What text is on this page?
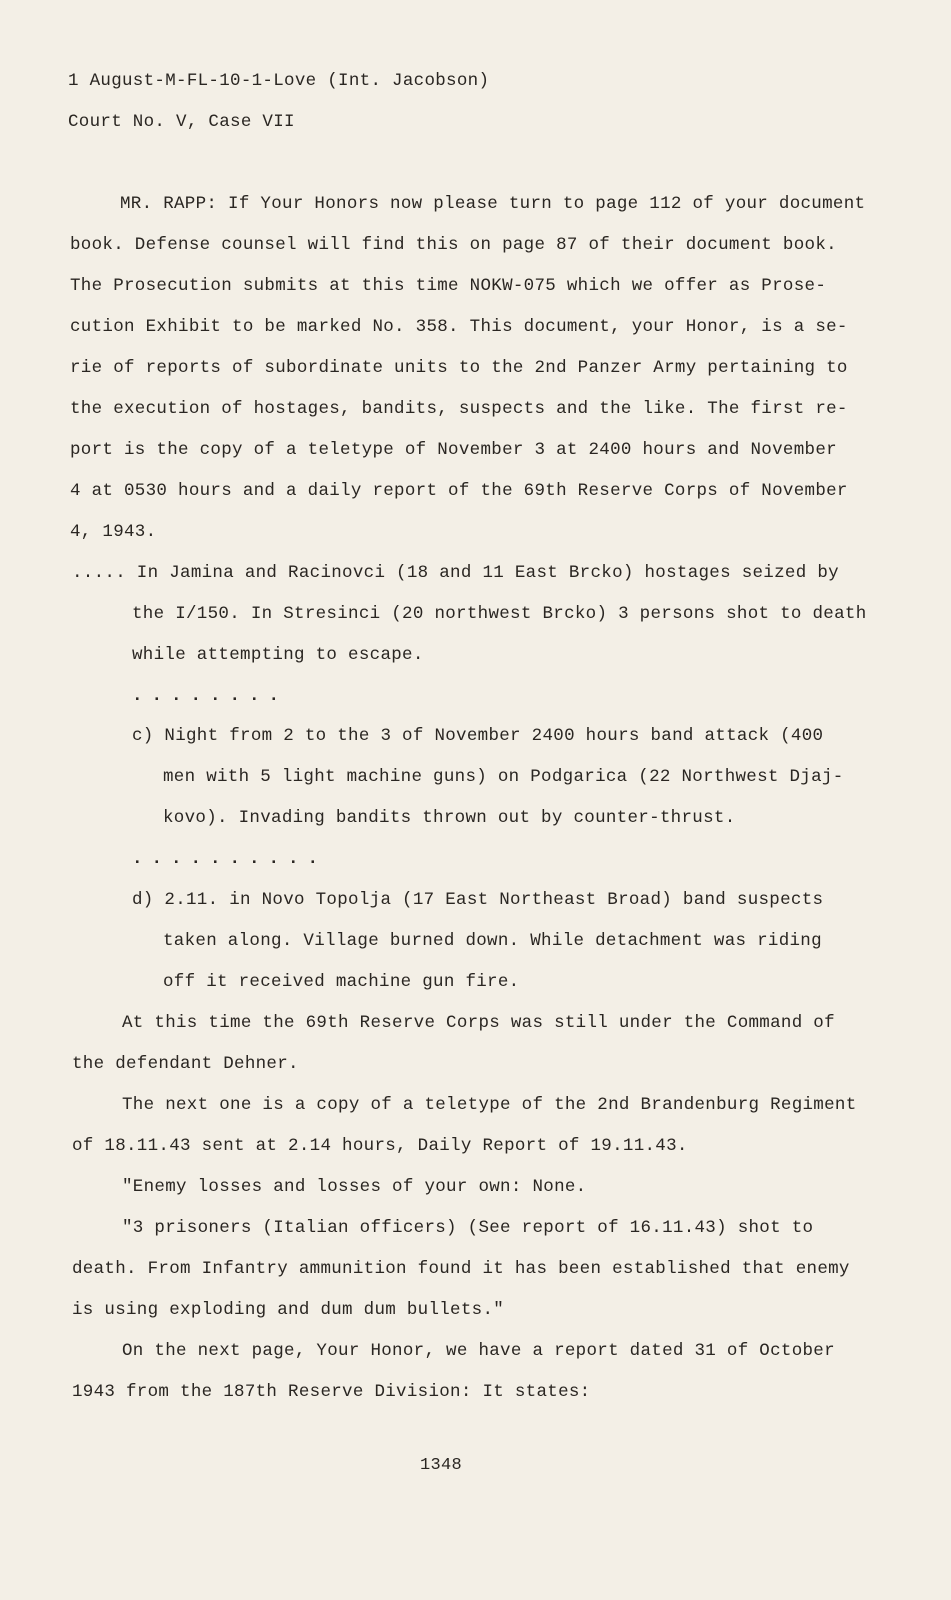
1 August-M-FL-10-1-Love (Int. Jacobson)
Court No. V, Case VII
MR. RAPP: If Your Honors now please turn to page 112 of your document
book. Defense counsel will find this on page 87 of their document book.
The Prosecution submits at this time NOKW-075 which we offer as Prose-
cution Exhibit to be marked No. 358. This document, your Honor, is a se-
rie of reports of subordinate units to the 2nd Panzer Army pertaining to
the execution of hostages, bandits, suspects and the like. The first re-
port is the copy of a teletype of November 3 at 2400 hours and November
4 at 0530 hours and a daily report of the 69th Reserve Corps of November
4, 1943.
..... In Jamina and Racinovci (18 and 11 East Brcko) hostages seized by
the I/150. In Stresinci (20 northwest Brcko) 3 persons shot to death
while attempting to escape.
........
c) Night from 2 to the 3 of November 2400 hours band attack (400
men with 5 light machine guns) on Podgarica (22 Northwest Djaj-
kovo). Invading bandits thrown out by counter-thrust.
..........
d) 2.11. in Novo Topolja (17 East Northeast Broad) band suspects
taken along. Village burned down. While detachment was riding
off it received machine gun fire.
At this time the 69th Reserve Corps was still under the Command of
the defendant Dehner.
The next one is a copy of a teletype of the 2nd Brandenburg Regiment
of 18.11.43 sent at 2.14 hours, Daily Report of 19.11.43.
"Enemy losses and losses of your own: None.
"3 prisoners (Italian officers) (See report of 16.11.43) shot to
death. From Infantry ammunition found it has been established that enemy
is using exploding and dum dum bullets."
On the next page, Your Honor, we have a report dated 31 of October
1943 from the 187th Reserve Division: It states:
1348
